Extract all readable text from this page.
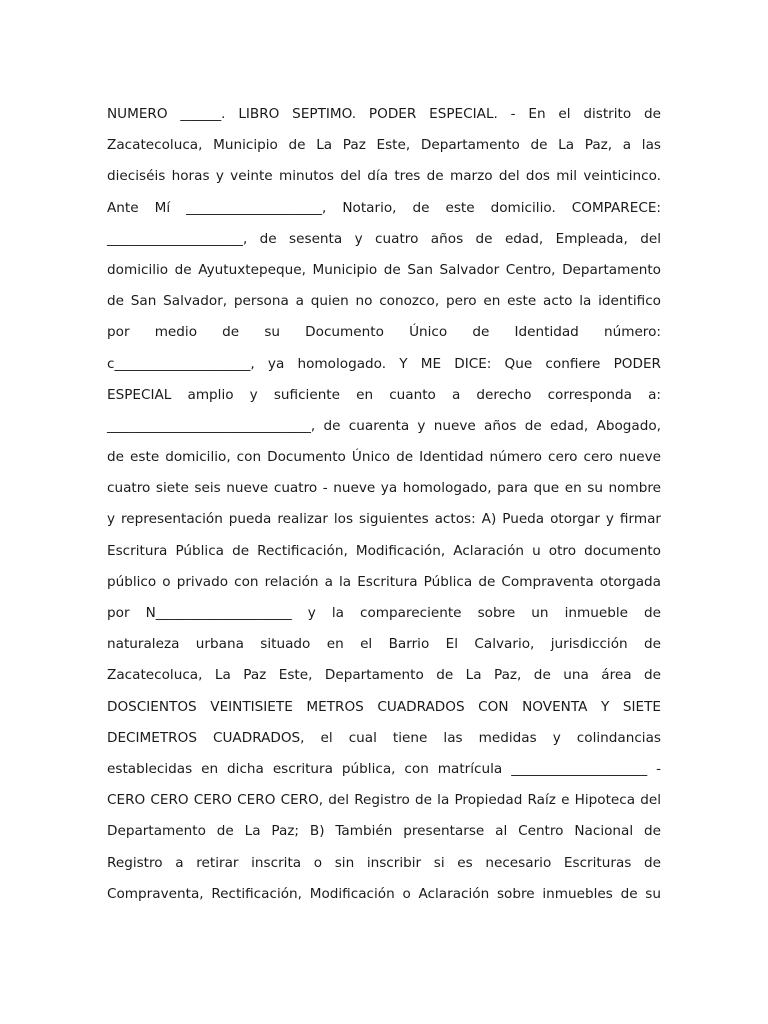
NUMERO ______. LIBRO SEPTIMO. PODER ESPECIAL. - En el distrito de
Zacatecoluca, Municipio de La Paz Este, Departamento de La Paz, a las
dieciséis horas y veinte minutos del día tres de marzo del dos mil veinticinco.
Ante Mí ____________________, Notario, de este domicilio. COMPARECE:
____________________, de sesenta y cuatro años de edad, Empleada, del
domicilio de Ayutuxtepeque, Municipio de San Salvador Centro, Departamento
de San Salvador, persona a quien no conozco, pero en este acto la identifico
por medio de su Documento Único de Identidad número:
c____________________, ya homologado. Y ME DICE: Que confiere PODER
ESPECIAL amplio y suficiente en cuanto a derecho corresponda a:
______________________________, de cuarenta y nueve años de edad, Abogado,
de este domicilio, con Documento Único de Identidad número cero cero nueve
cuatro siete seis nueve cuatro - nueve ya homologado, para que en su nombre
y representación pueda realizar los siguientes actos: A) Pueda otorgar y firmar
Escritura Pública de Rectificación, Modificación, Aclaración u otro documento
público o privado con relación a la Escritura Pública de Compraventa otorgada
por N____________________ y la compareciente sobre un inmueble de
naturaleza urbana situado en el Barrio El Calvario, jurisdicción de
Zacatecoluca, La Paz Este, Departamento de La Paz, de una área de
DOSCIENTOS VEINTISIETE METROS CUADRADOS CON NOVENTA Y SIETE
DECIMETROS CUADRADOS, el cual tiene las medidas y colindancias
establecidas en dicha escritura pública, con matrícula ____________________ -
CERO CERO CERO CERO CERO, del Registro de la Propiedad Raíz e Hipoteca del
Departamento de La Paz; B) También presentarse al Centro Nacional de
Registro a retirar inscrita o sin inscribir si es necesario Escrituras de
Compraventa, Rectificación, Modificación o Aclaración sobre inmuebles de su
